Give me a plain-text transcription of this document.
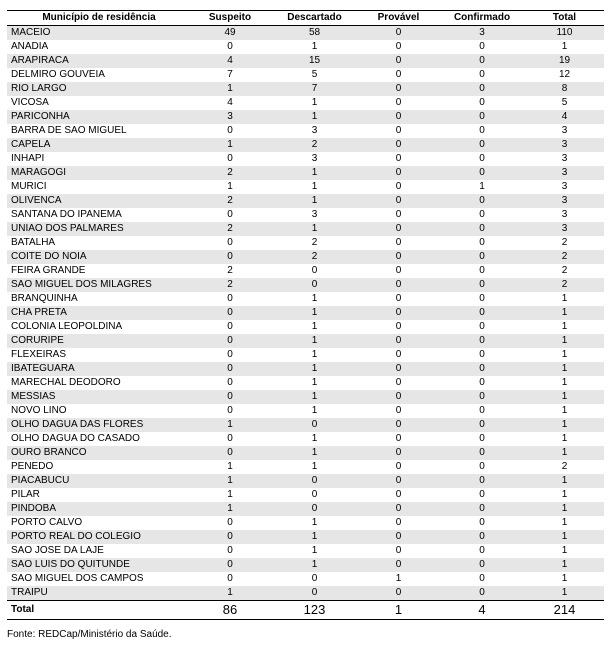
Município de residência	Suspeito	Descartado	Provável	Confirmado	Total
MACEIO	49	58	0	3	110
ANADIA	0	1	0	0	1
ARAPIRACA	4	15	0	0	19
DELMIRO GOUVEIA	7	5	0	0	12
RIO LARGO	1	7	0	0	8
VICOSA	4	1	0	0	5
PARICONHA	3	1	0	0	4
BARRA DE SAO MIGUEL	0	3	0	0	3
CAPELA	1	2	0	0	3
INHAPI	0	3	0	0	3
MARAGOGI	2	1	0	0	3
MURICI	1	1	0	1	3
OLIVENCA	2	1	0	0	3
SANTANA DO IPANEMA	0	3	0	0	3
UNIAO DOS PALMARES	2	1	0	0	3
BATALHA	0	2	0	0	2
COITE DO NOIA	0	2	0	0	2
FEIRA GRANDE	2	0	0	0	2
SAO MIGUEL DOS MILAGRES	2	0	0	0	2
BRANQUINHA	0	1	0	0	1
CHA PRETA	0	1	0	0	1
COLONIA LEOPOLDINA	0	1	0	0	1
CORURIPE	0	1	0	0	1
FLEXEIRAS	0	1	0	0	1
IBATEGUARA	0	1	0	0	1
MARECHAL DEODORO	0	1	0	0	1
MESSIAS	0	1	0	0	1
NOVO LINO	0	1	0	0	1
OLHO DAGUA DAS FLORES	1	0	0	0	1
OLHO DAGUA DO CASADO	0	1	0	0	1
OURO BRANCO	0	1	0	0	1
PENEDO	1	1	0	0	2
PIACABUCU	1	0	0	0	1
PILAR	1	0	0	0	1
PINDOBA	1	0	0	0	1
PORTO CALVO	0	1	0	0	1
PORTO REAL DO COLEGIO	0	1	0	0	1
SAO JOSE DA LAJE	0	1	0	0	1
SAO LUIS DO QUITUNDE	0	1	0	0	1
SAO MIGUEL DOS CAMPOS	0	0	1	0	1
TRAIPU	1	0	0	0	1
Total	86	123	1	4	214
Fonte: REDCap/Ministério da Saúde.
